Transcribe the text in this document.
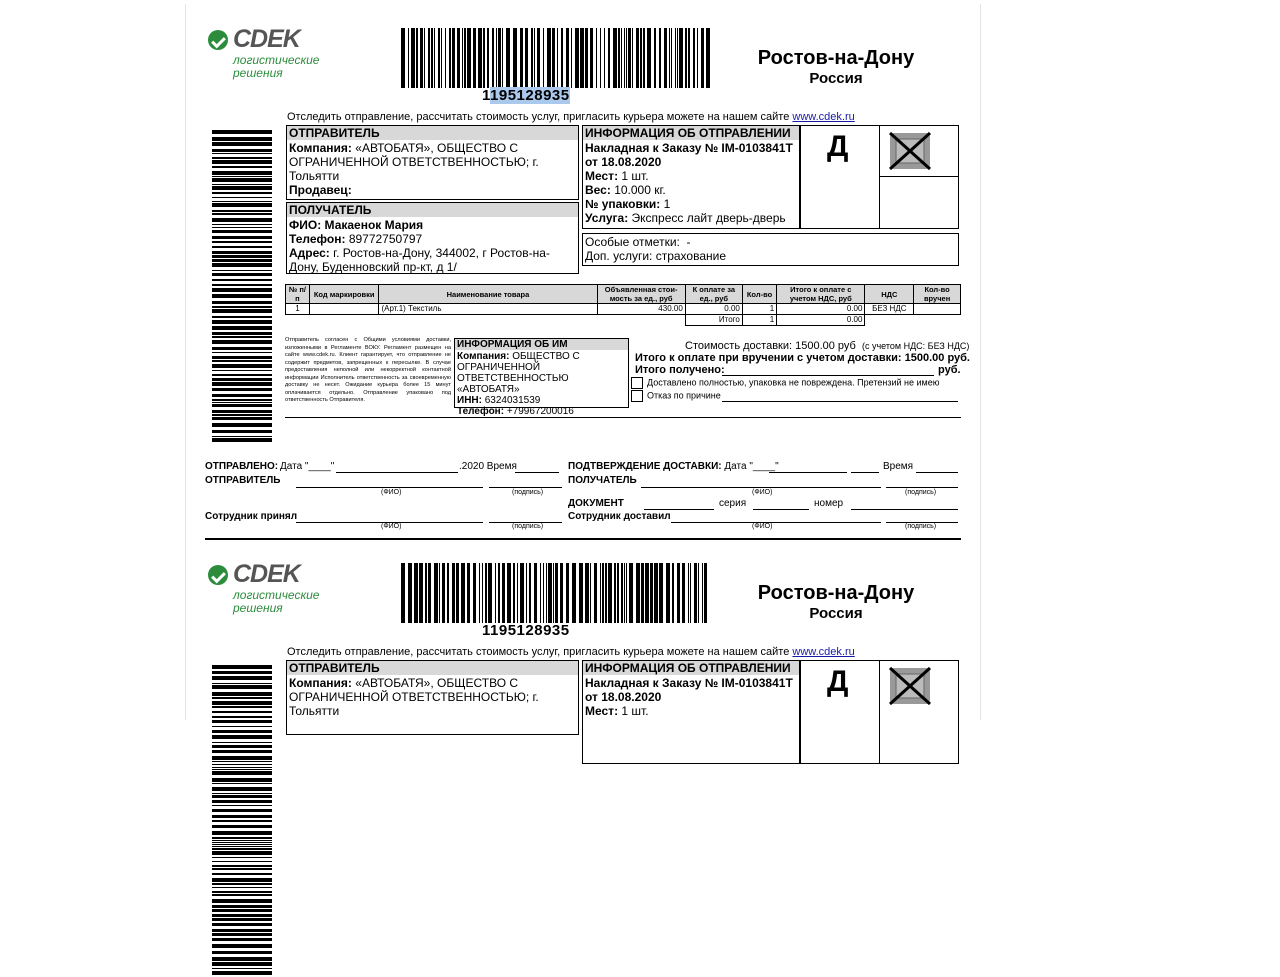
CDEK
логистические
решения
1195128935
Ростов-на-Дону
Россия
Отследить отправление, рассчитать стоимость услуг, пригласить курьера можете на нашем сайте www.cdek.ru
ОТПРАВИТЕЛЬ
Компания: «АВТОБАТЯ», ОБЩЕСТВО С ОГРАНИЧЕННОЙ ОТВЕТСТВЕННОСТЬЮ; г. Тольятти
Продавец:
ПОЛУЧАТЕЛЬ
ФИО: Макаенок Мария
Телефон: 89772750797
Адрес: г. Ростов-на-Дону, 344002, г Ростов-на-Дону, Буденновский пр-кт, д 1/
ИНФОРМАЦИЯ ОБ ОТПРАВЛЕНИИ
Накладная к Заказу № IM-0103841T
от 18.08.2020
Мест: 1 шт.
Вес: 10.000 кг.
№ упаковки: 1
Услуга: Экспресс лайт дверь-дверь
Д
Особые отметки: -
Доп. услуги: страхование
№ п/п	Код маркировки	Наименование товара	Объявленная стои-мость за ед., руб	К оплате за ед., руб	Кол-во	Итого к оплате с учетом НДС, руб	НДС	Кол-во вручен
1		(Арт.1) Текстиль	430.00	0.00	1	0.00	БЕЗ НДС	
				Итого	1	0.00		
Отправитель согласен с Общими условиями доставки, изложенными в Регламенте ВОКУ. Регламент размещен на сайте www.cdek.ru. Клиент гарантирует, что отправление не содержит предметов, запрещенных к пересылке. В случае предоставления неполной или некорректной контактной информации Исполнитель ответственность за своевременную доставку не несет. Ожидание курьера более 15 минут оплачивается отдельно. Отправление упаковано под ответственность Отправителя.
ИНФОРМАЦИЯ ОБ ИМ
Компания: ОБЩЕСТВО С ОГРАНИЧЕННОЙ ОТВЕТСТВЕННОСТЬЮ «АВТОБАТЯ»
ИНН: 6324031539
Телефон: +79967200016
Стоимость доставки: 1500.00 руб (с учетом НДС: БЕЗ НДС)
Итого к оплате при вручении с учетом доставки: 1500.00 руб.
Итого получено:	руб.
Доставлено полностью, упаковка не повреждена. Претензий не имею
Отказ по причине
ОТПРАВЛЕНО: Дата "____"	.2020 Время
ОТПРАВИТЕЛЬ
(ФИО)	(подпись)
Сотрудник принял
(ФИО)	(подпись)
ПОДТВЕРЖДЕНИЕ ДОСТАВКИ: Дата "____"	Время
ПОЛУЧАТЕЛЬ
(ФИО)	(подпись)
ДОКУМЕНТ	серия	номер
Сотрудник доставил
(ФИО)	(подпись)
CDEK
логистические
решения
1195128935
Ростов-на-Дону
Россия
Отследить отправление, рассчитать стоимость услуг, пригласить курьера можете на нашем сайте www.cdek.ru
ОТПРАВИТЕЛЬ
Компания: «АВТОБАТЯ», ОБЩЕСТВО С ОГРАНИЧЕННОЙ ОТВЕТСТВЕННОСТЬЮ; г. Тольятти
ИНФОРМАЦИЯ ОБ ОТПРАВЛЕНИИ
Накладная к Заказу № IM-0103841T
от 18.08.2020
Мест: 1 шт.
Д
